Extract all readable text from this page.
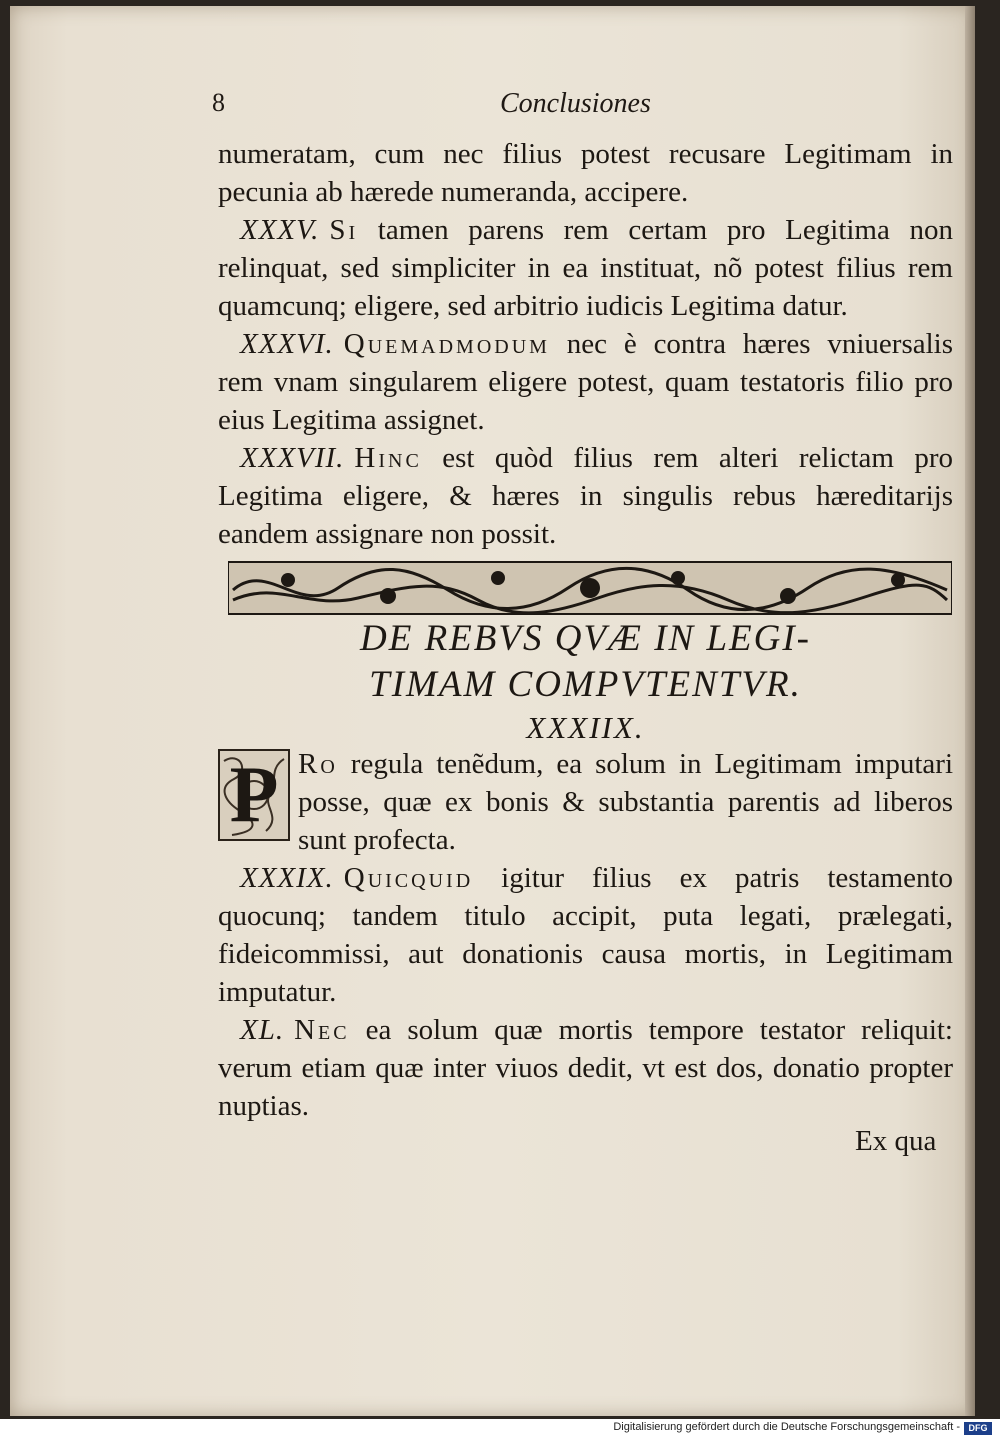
8	Conclusiones

numeratam, cum nec filius potest recusare Legitimam in pecunia ab hærede numeranda, accipere.

XXXV. Si tamen parens rem certam pro Legitima non relinquat, sed simpliciter in ea instituat, nõ potest filius rem quamcunq; eligere, sed arbitrio iudicis Legitima datur.

XXXVI. Quemadmodum nec è contra hæres vniuersalis rem vnam singularem eligere potest, quam testatoris filio pro eius Legitima assignet.

XXXVII. Hinc est quòd filius rem alteri relictam pro Legitima eligere, & hæres in singulis rebus hæreditarijs eandem assignare non possit.

DE REBVS QVÆ IN LEGI-
TIMAM COMPVTENTVR.
XXXIIX.

P Ro regula tenẽdum, ea solum in Legitimam imputari posse, quæ ex bonis & substantia parentis ad liberos sunt profecta.

XXXIX. Quicquid igitur filius ex patris testamento quocunq; tandem titulo accipit, puta legati, prælegati, fideicommissi, aut donationis causa mortis, in Legitimam imputatur.

XL. Nec ea solum quæ mortis tempore testator reliquit: verum etiam quæ inter viuos dedit, vt est dos, donatio propter nuptias.

Ex qua
Digitalisierung gefördert durch die Deutsche Forschungsgemeinschaft - DFG
